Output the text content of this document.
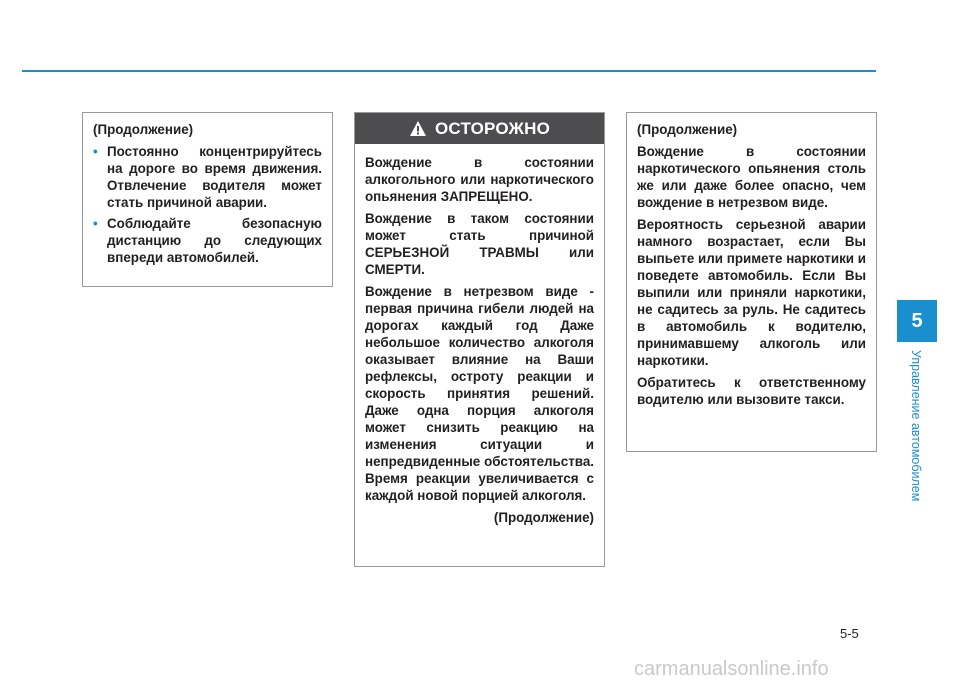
(Продолжение)

• Постоянно концентрируйтесь на дороге во время движения. Отвлечение водителя может стать причиной аварии.
• Соблюдайте безопасную дистанцию до следующих впереди автомобилей.
ОСТОРОЖНО

Вождение в состоянии алкогольного или наркотического опьянения ЗАПРЕЩЕНО.

Вождение в таком состоянии может стать причиной СЕРЬЕЗНОЙ ТРАВМЫ или СМЕРТИ.

Вождение в нетрезвом виде - первая причина гибели людей на дорогах каждый год Даже небольшое количество алкоголя оказывает влияние на Ваши рефлексы, остроту реакции и скорость принятия решений. Даже одна порция алкоголя может снизить реакцию на изменения ситуации и непредвиденные обстоятельства. Время реакции увеличивается с каждой новой порцией алкоголя.

(Продолжение)

(Продолжение)

Вождение в состоянии наркотического опьянения столь же или даже более опасно, чем вождение в нетрезвом виде.

Вероятность серьезной аварии намного возрастает, если Вы выпьете или примете наркотики и поведете автомобиль. Если Вы выпили или приняли наркотики, не садитесь за руль. Не садитесь в автомобиль к водителю, принимавшему алкоголь или наркотики.

Обратитесь к ответственному водителю или вызовите такси.

5
Управление автомобилем
5-5
carmanualsonline.info
